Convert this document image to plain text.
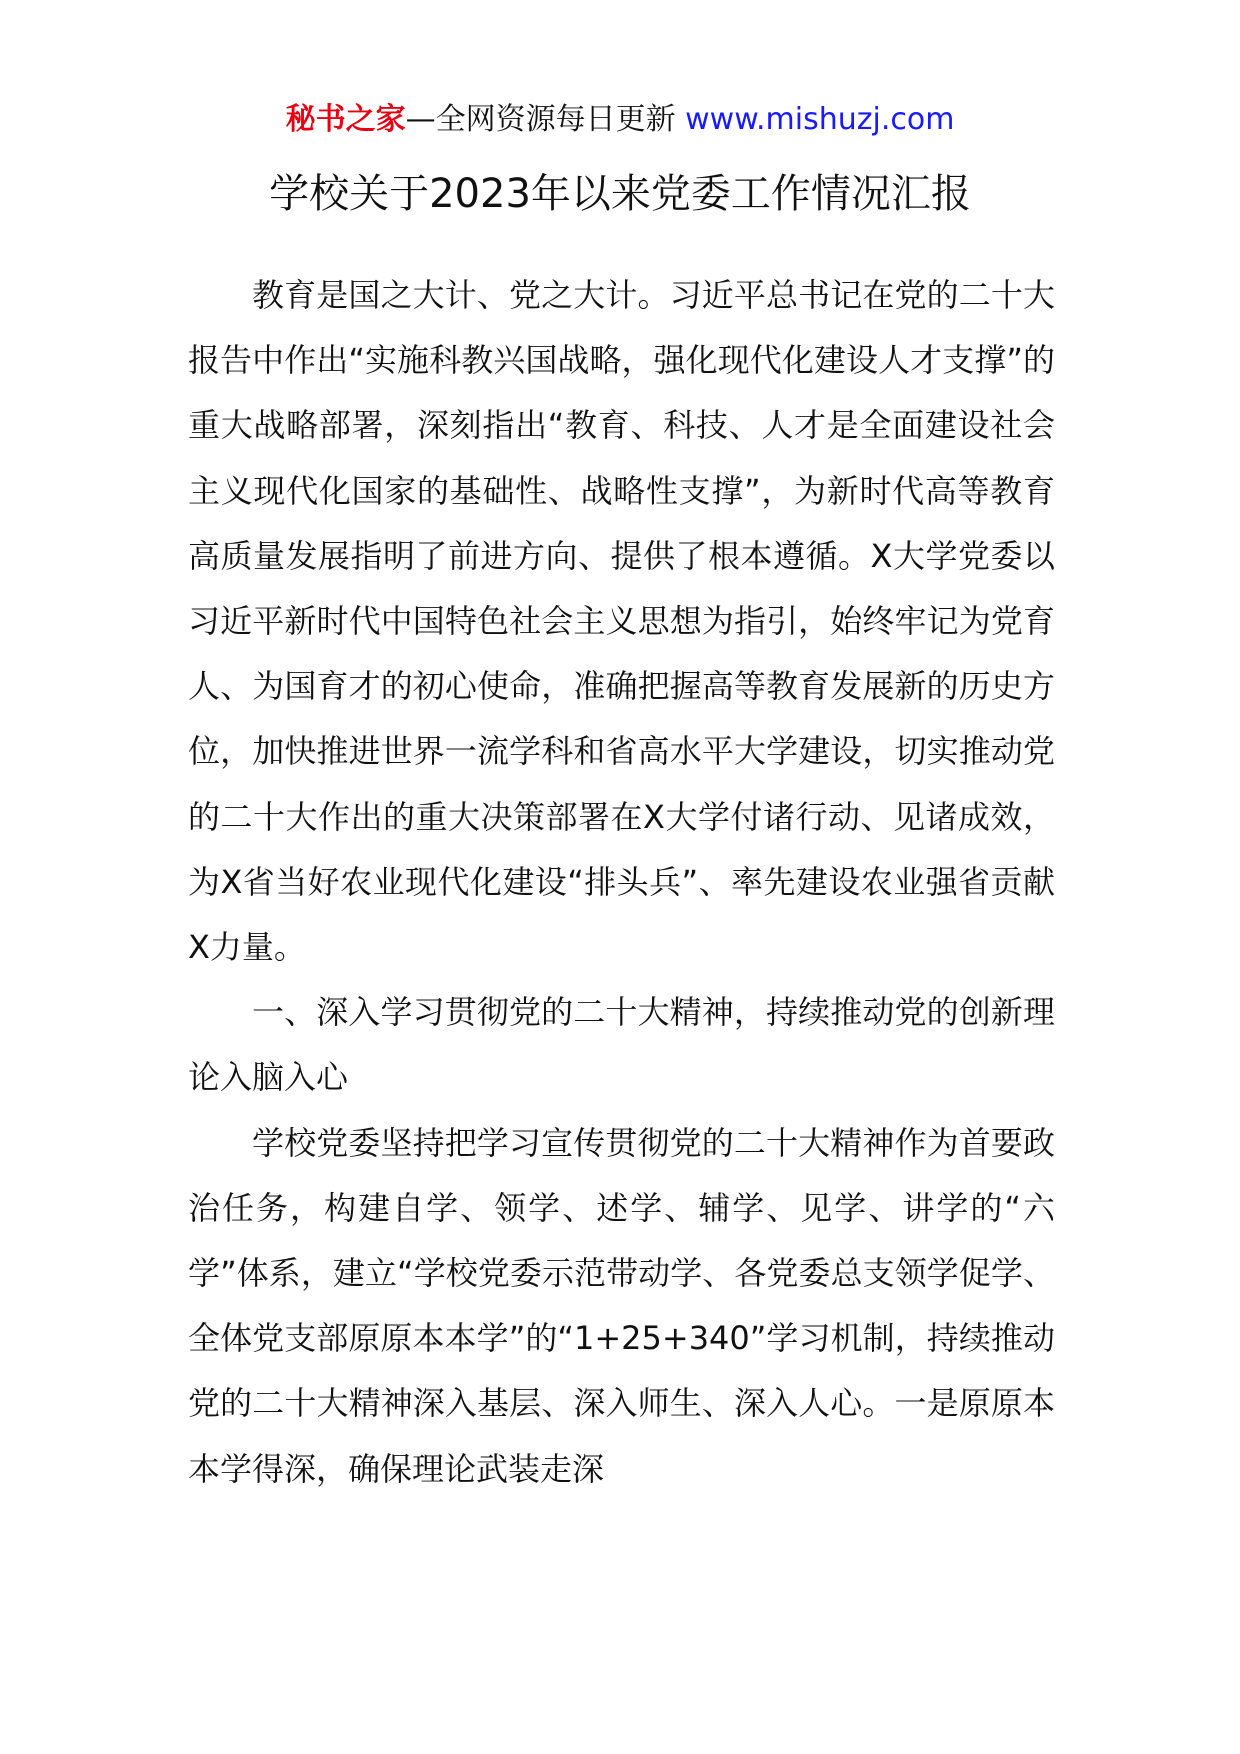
秘书之家—全网资源每日更新 www.mishuzj.com
学校关于2023年以来党委工作情况汇报

教育是国之大计、党之大计。习近平总书记在党的二十大报告中作出“实施科教兴国战略，强化现代化建设人才支撑”的重大战略部署，深刻指出“教育、科技、人才是全面建设社会主义现代化国家的基础性、战略性支撑”，为新时代高等教育高质量发展指明了前进方向、提供了根本遵循。X大学党委以习近平新时代中国特色社会主义思想为指引，始终牢记为党育人、为国育才的初心使命，准确把握高等教育发展新的历史方位，加快推进世界一流学科和省高水平大学建设，切实推动党的二十大作出的重大决策部署在X大学付诸行动、见诸成效，为X省当好农业现代化建设“排头兵”、率先建设农业强省贡献X力量。

一、深入学习贯彻党的二十大精神，持续推动党的创新理论入脑入心

学校党委坚持把学习宣传贯彻党的二十大精神作为首要政治任务，构建自学、领学、述学、辅学、见学、讲学的“六学”体系，建立“学校党委示范带动学、各党委总支领学促学、全体党支部原原本本学”的“1+25+340”学习机制，持续推动党的二十大精神深入基层、深入师生、深入人心。一是原原本本学得深，确保理论武装走深
